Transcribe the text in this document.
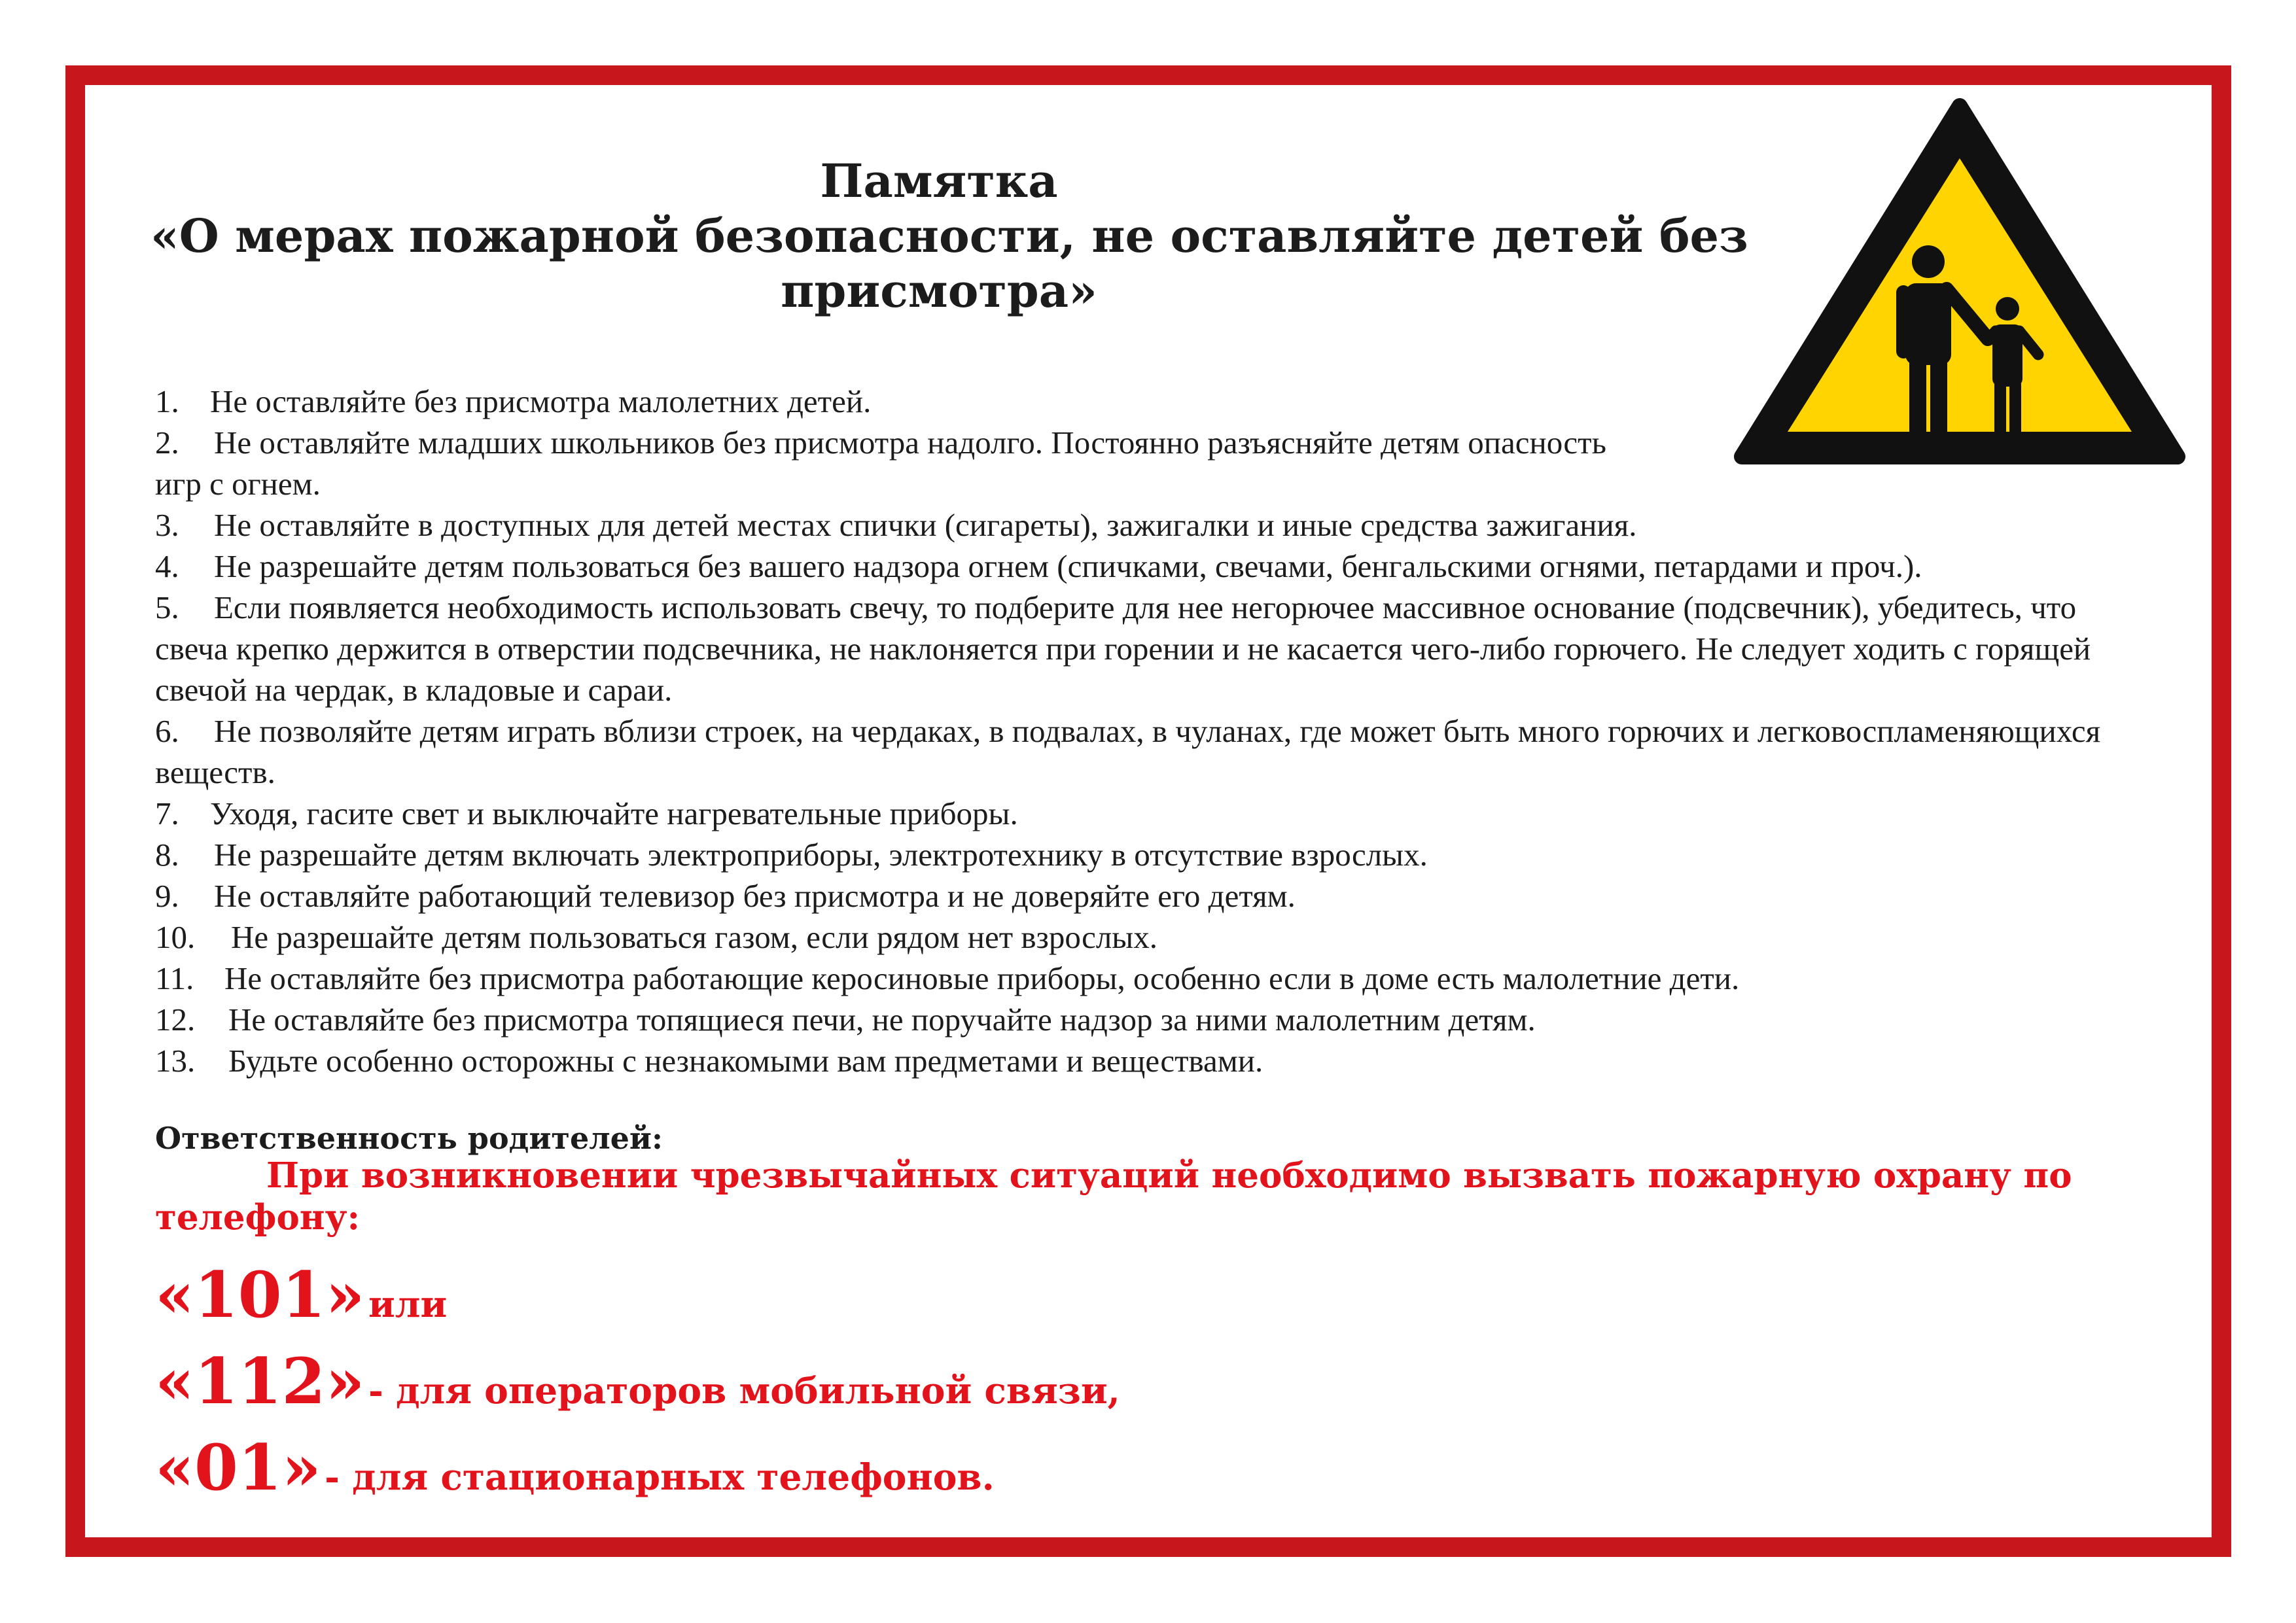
Памятка
«О мерах пожарной безопасности, не оставляйте детей без
присмотра»
1. Не оставляйте без присмотра малолетних детей.
2. Не оставляйте младших школьников без присмотра надолго. Постоянно разъясняйте детям опасность игр с огнем.
3. Не оставляйте в доступных для детей местах спички (сигареты), зажигалки и иные средства зажигания.
4. Не разрешайте детям пользоваться без вашего надзора огнем (спичками, свечами, бенгальскими огнями, петардами и проч.).
5. Если появляется необходимость использовать свечу, то подберите для нее негорючее массивное основание (подсвечник), убедитесь, что свеча крепко держится в отверстии подсвечника, не наклоняется при горении и не касается чего-либо горючего. Не следует ходить с горящей свечой на чердак, в кладовые и сараи.
6. Не позволяйте детям играть вблизи строек, на чердаках, в подвалах, в чуланах, где может быть много горючих и легковоспламеняющихся веществ.
7. Уходя, гасите свет и выключайте нагревательные приборы.
8. Не разрешайте детям включать электроприборы, электротехнику в отсутствие взрослых.
9. Не оставляйте работающий телевизор без присмотра и не доверяйте его детям.
10. Не разрешайте детям пользоваться газом, если рядом нет взрослых.
11. Не оставляйте без присмотра работающие керосиновые приборы, особенно если в доме есть малолетние дети.
12. Не оставляйте без присмотра топящиеся печи, не поручайте надзор за ними малолетним детям.
13. Будьте особенно осторожны с незнакомыми вам предметами и веществами.
Ответственность родителей:
При возникновении чрезвычайных ситуаций необходимо вызвать пожарную охрану по телефону:
«101» или
«112» - для операторов мобильной связи,
«01» - для стационарных телефонов.
